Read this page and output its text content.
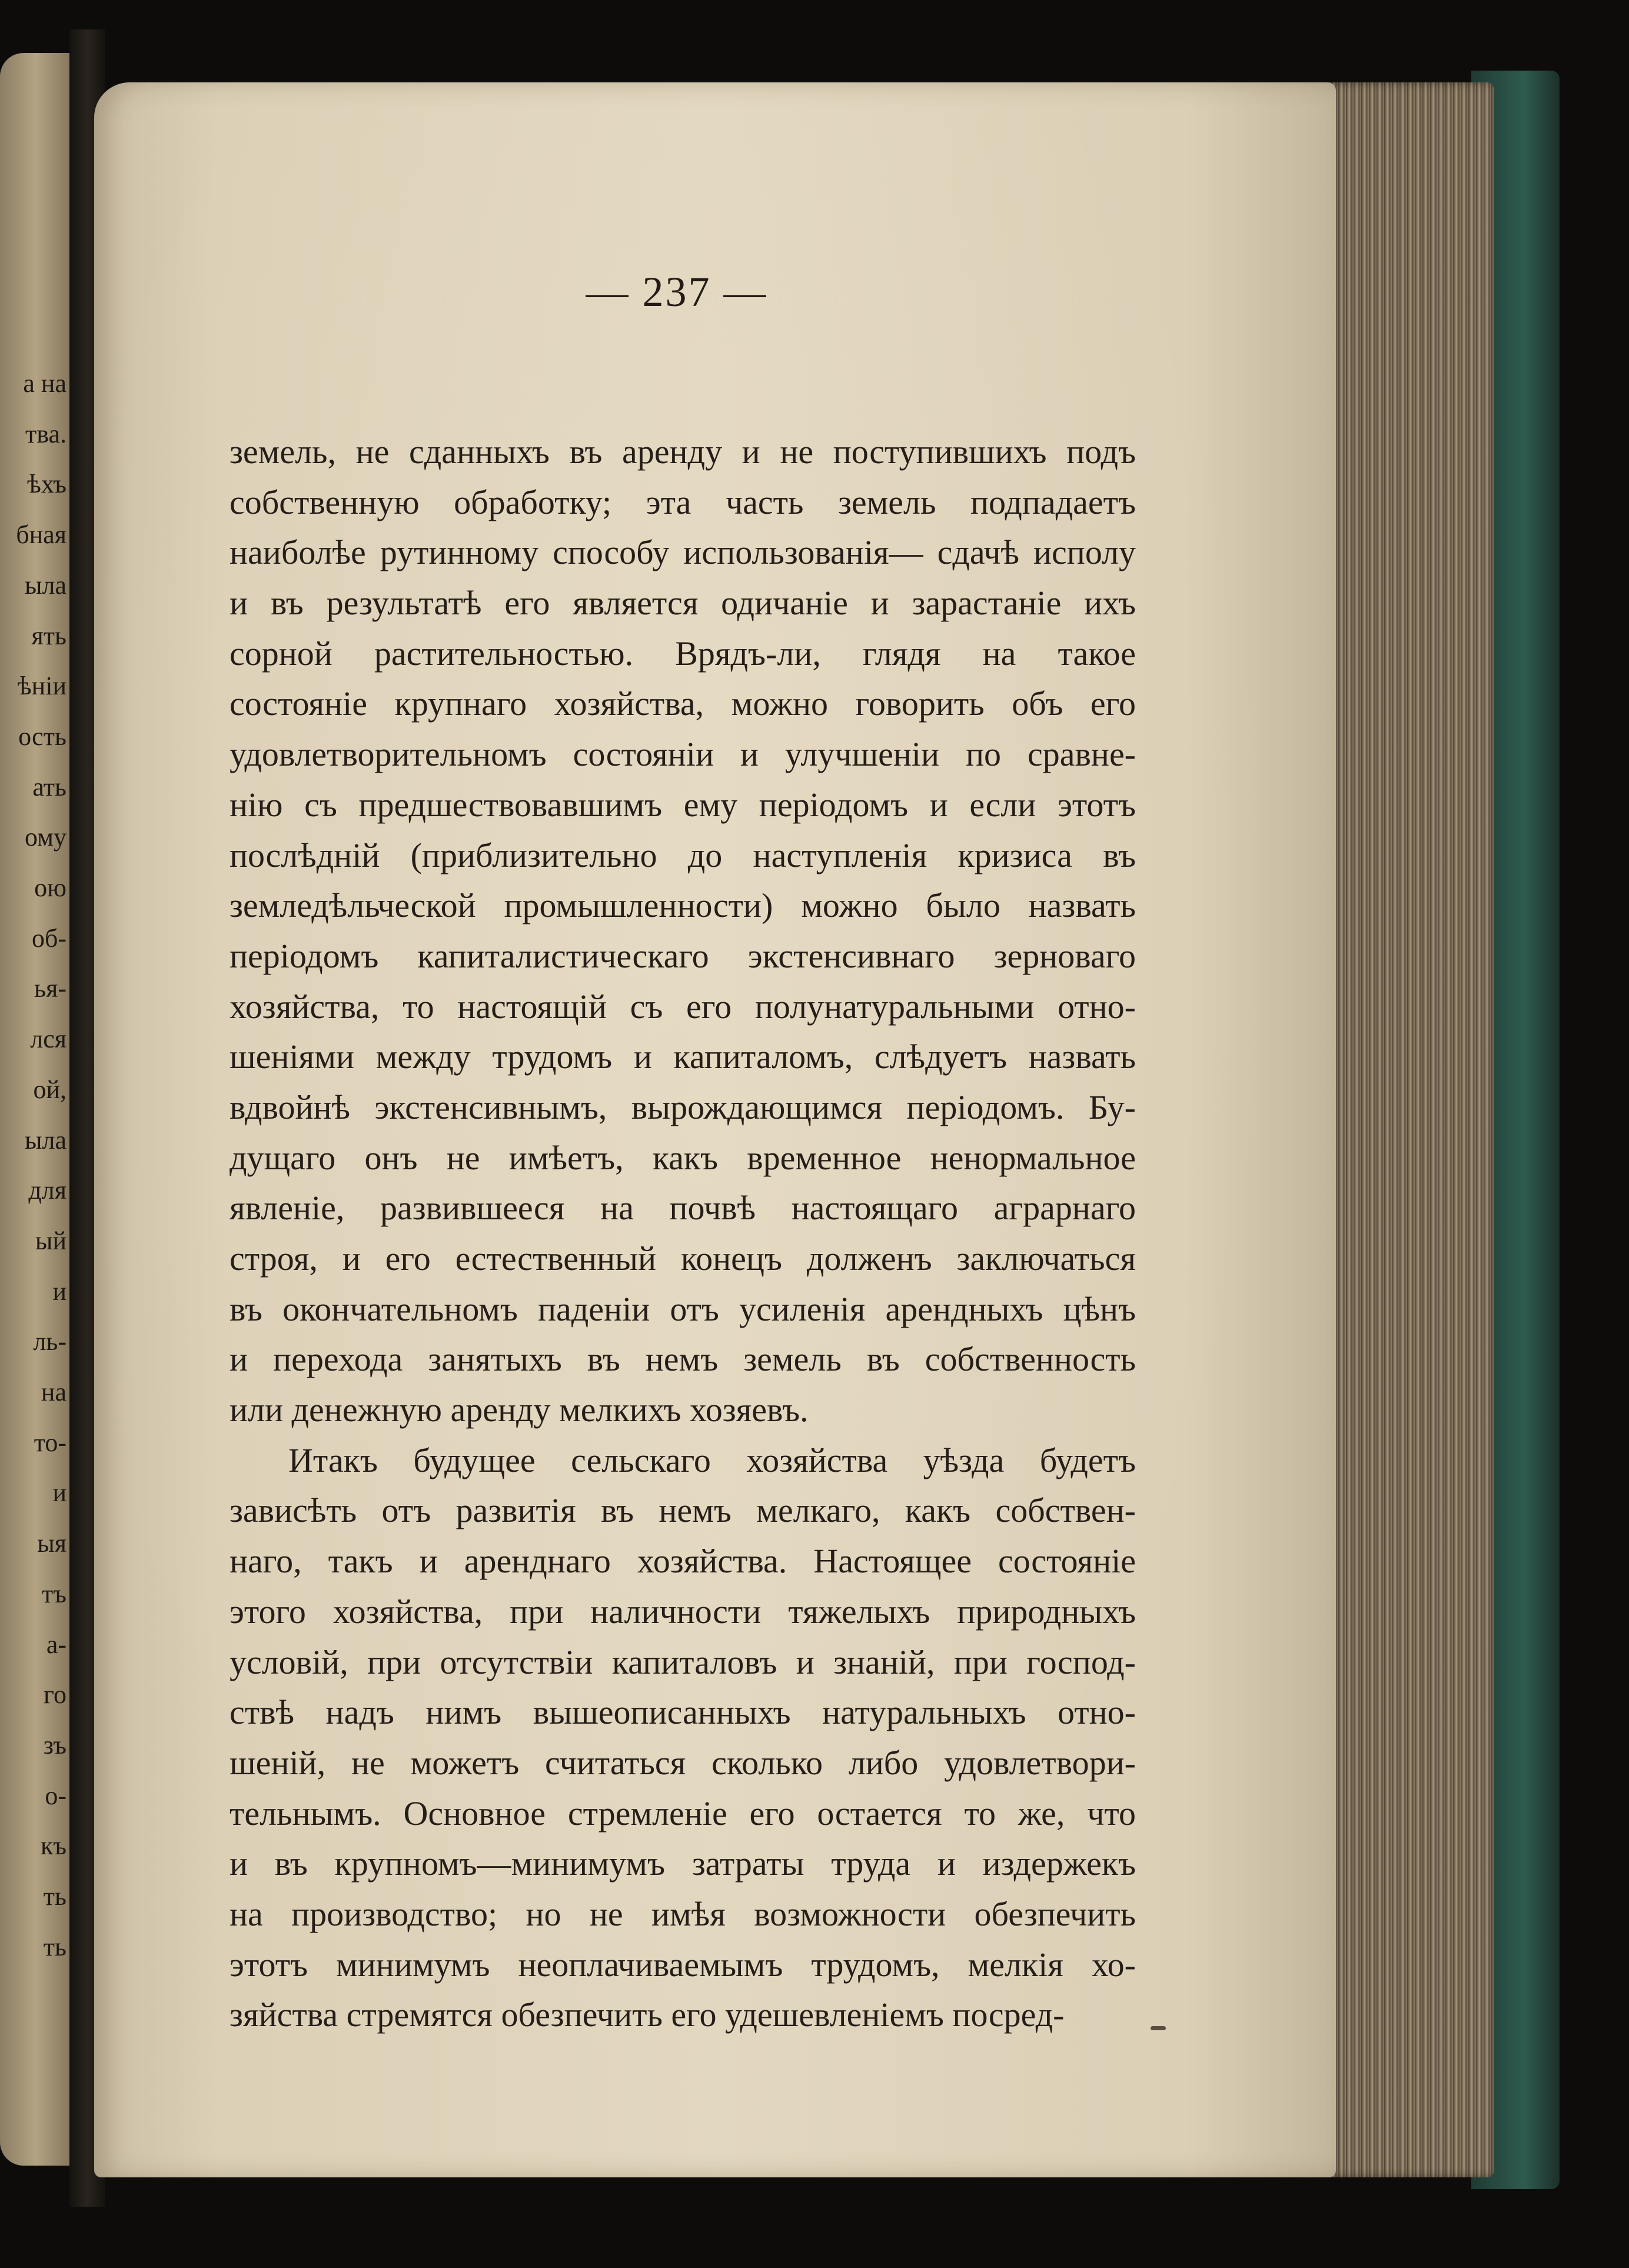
а на

тва.

ѣхъ

бная

ыла

ять

ѣніи

ость

ать

ому

ою

об-

ья-

лся

ой,

ыла

для

ый

и

ль-

на

то-

и

ыя

тъ

а-

го

зъ

о-

къ

ть

ть

— 237 —

земель, не сданныхъ въ аренду и не поступившихъ подъ
собственную обработку; эта часть земель подпадаетъ
наиболѣе рутинному способу использованія— сдачѣ исполу
и въ результатѣ его является одичаніе и зарастаніе ихъ
сорной растительностью. Врядъ-ли, глядя на такое
состояніе крупнаго хозяйства, можно говорить объ его
удовлетворительномъ состояніи и улучшеніи по сравне-
нію съ предшествовавшимъ ему періодомъ и если этотъ
послѣдній (приблизительно до наступленія кризиса въ
земледѣльческой промышленности) можно было назвать
періодомъ капиталистическаго экстенсивнаго зерноваго
хозяйства, то настоящій съ его полунатуральными отно-
шеніями между трудомъ и капиталомъ, слѣдуетъ назвать
вдвойнѣ экстенсивнымъ, вырождающимся періодомъ. Бу-
дущаго онъ не имѣетъ, какъ временное ненормальное
явленіе, развившееся на почвѣ настоящаго аграрнаго
строя, и его естественный конецъ долженъ заключаться
въ окончательномъ паденіи отъ усиленія арендныхъ цѣнъ
и перехода занятыхъ въ немъ земель въ собственность
или денежную аренду мелкихъ хозяевъ.
Итакъ будущее сельскаго хозяйства уѣзда будетъ
зависѣть отъ развитія въ немъ мелкаго, какъ собствен-
наго, такъ и аренднаго хозяйства. Настоящее состояніе
этого хозяйства, при наличности тяжелыхъ природныхъ
условій, при отсутствіи капиталовъ и знаній, при господ-
ствѣ надъ нимъ вышеописанныхъ натуральныхъ отно-
шеній, не можетъ считаться сколько либо удовлетвори-
тельнымъ. Основное стремленіе его остается то же, что
и въ крупномъ—минимумъ затраты труда и издержекъ
на производство; но не имѣя возможности обезпечить
этотъ минимумъ неоплачиваемымъ трудомъ, мелкія хо-
зяйства стремятся обезпечить его удешевленіемъ посред-
